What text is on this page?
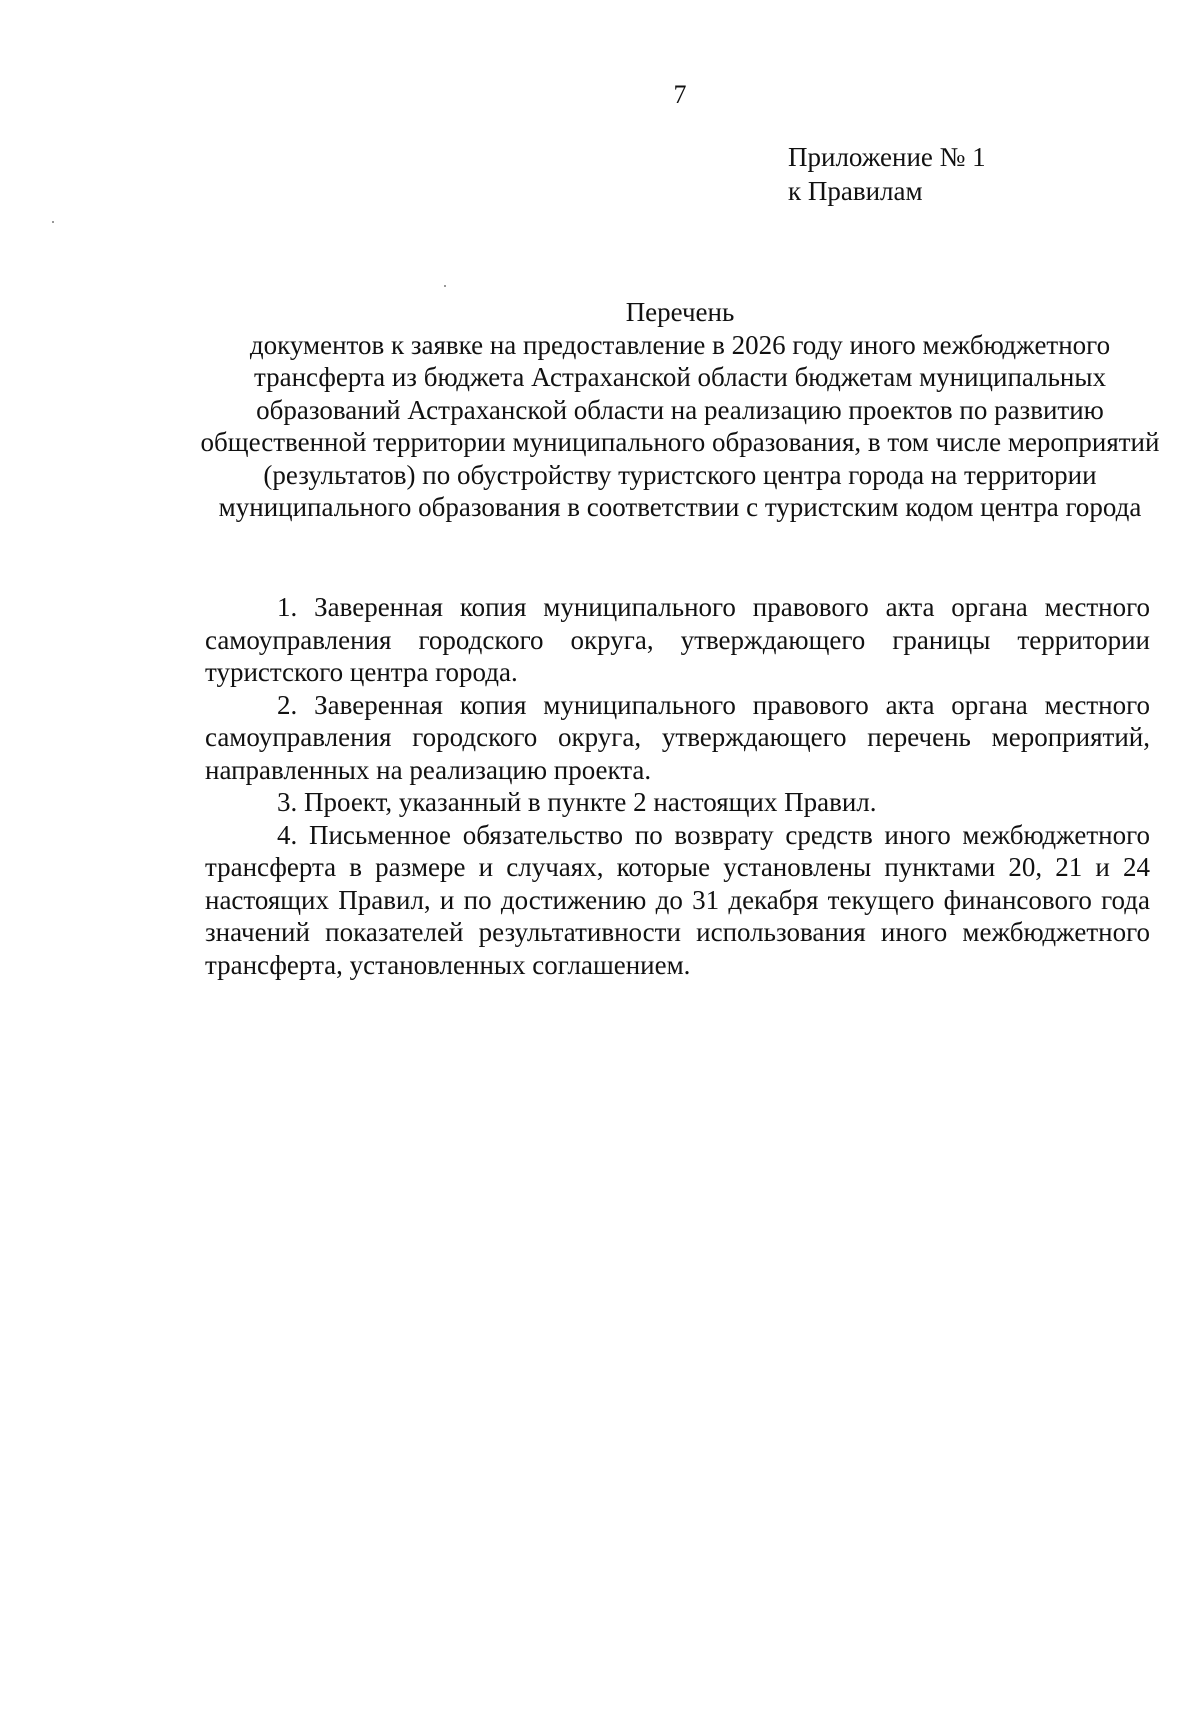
7
Приложение № 1
к Правилам
Перечень
документов к заявке на предоставление в 2026 году иного межбюджетного трансферта из бюджета Астраханской области бюджетам муниципальных образований Астраханской области на реализацию проектов по развитию общественной территории муниципального образования, в том числе мероприятий (результатов) по обустройству туристского центра города на территории муниципального образования в соответствии с туристским кодом центра города

1. Заверенная копия муниципального правового акта органа местного самоуправления городского округа, утверждающего границы территории туристского центра города.

2. Заверенная копия муниципального правового акта органа местного самоуправления городского округа, утверждающего перечень мероприятий, направленных на реализацию проекта.

3. Проект, указанный в пункте 2 настоящих Правил.

4. Письменное обязательство по возврату средств иного межбюджетного трансферта в размере и случаях, которые установлены пунктами 20, 21 и 24 настоящих Правил, и по достижению до 31 декабря текущего финансового года значений показателей результативности использования иного межбюджетного трансферта, установленных соглашением.
